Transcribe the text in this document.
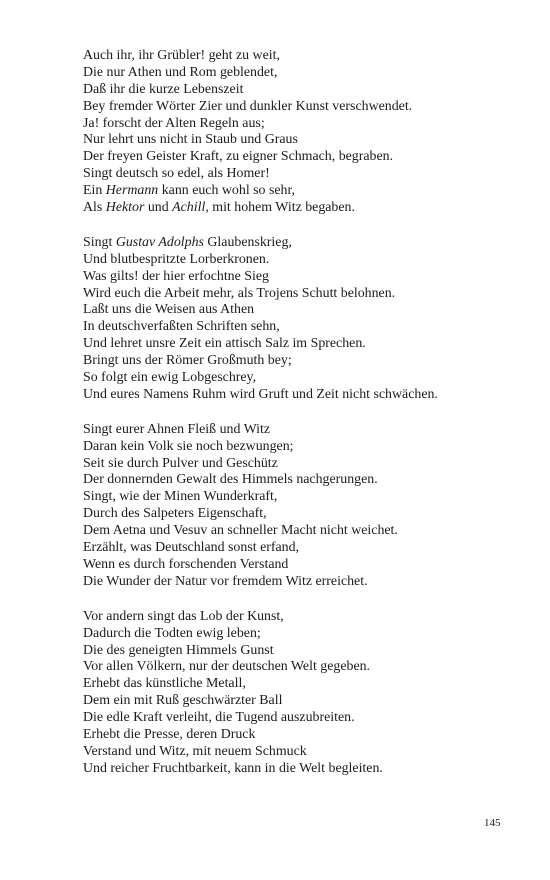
Auch ihr, ihr Grübler! geht zu weit,
Die nur Athen und Rom geblendet,
Daß ihr die kurze Lebenszeit
Bey fremder Wörter Zier und dunkler Kunst verschwendet.
Ja! forscht der Alten Regeln aus;
Nur lehrt uns nicht in Staub und Graus
Der freyen Geister Kraft, zu eigner Schmach, begraben.
Singt deutsch so edel, als Homer!
Ein Hermann kann euch wohl so sehr,
Als Hektor und Achill, mit hohem Witz begaben.
Singt Gustav Adolphs Glaubenskrieg,
Und blutbespritzte Lorberkronen.
Was gilts! der hier erfochtne Sieg
Wird euch die Arbeit mehr, als Trojens Schutt belohnen.
Laßt uns die Weisen aus Athen
In deutschverfaßten Schriften sehn,
Und lehret unsre Zeit ein attisch Salz im Sprechen.
Bringt uns der Römer Großmuth bey;
So folgt ein ewig Lobgeschrey,
Und eures Namens Ruhm wird Gruft und Zeit nicht schwächen.
Singt eurer Ahnen Fleiß und Witz
Daran kein Volk sie noch bezwungen;
Seit sie durch Pulver und Geschütz
Der donnernden Gewalt des Himmels nachgerungen.
Singt, wie der Minen Wunderkraft,
Durch des Salpeters Eigenschaft,
Dem Aetna und Vesuv an schneller Macht nicht weichet.
Erzählt, was Deutschland sonst erfand,
Wenn es durch forschenden Verstand
Die Wunder der Natur vor fremdem Witz erreichet.
Vor andern singt das Lob der Kunst,
Dadurch die Todten ewig leben;
Die des geneigten Himmels Gunst
Vor allen Völkern, nur der deutschen Welt gegeben.
Erhebt das künstliche Metall,
Dem ein mit Ruß geschwärzter Ball
Die edle Kraft verleiht, die Tugend auszubreiten.
Erhebt die Presse, deren Druck
Verstand und Witz, mit neuem Schmuck
Und reicher Fruchtbarkeit, kann in die Welt begleiten.
145
